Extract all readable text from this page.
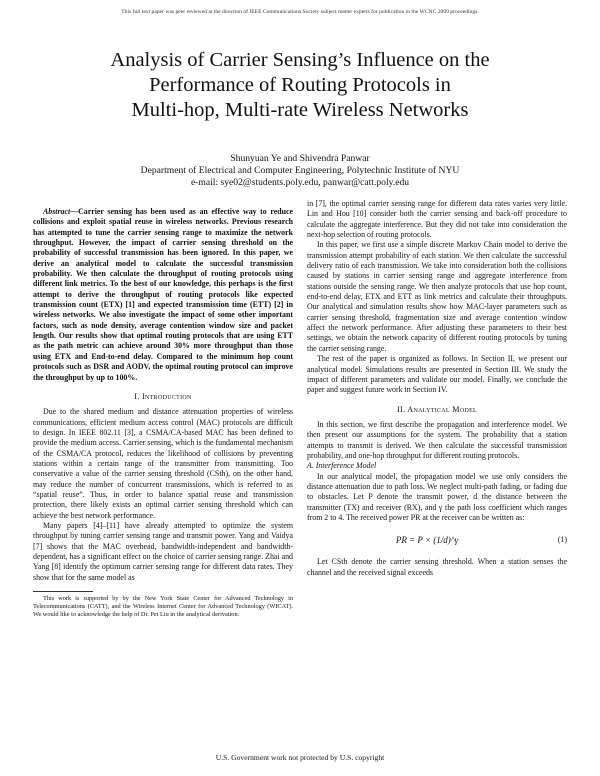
This full text paper was peer reviewed at the direction of IEEE Communications Society subject matter experts for publication in the WCNC 2009 proceedings.
Analysis of Carrier Sensing’s Influence on the
Performance of Routing Protocols in
Multi-hop, Multi-rate Wireless Networks
Shunyuan Ye and Shivendra Panwar
Department of Electrical and Computer Engineering, Polytechnic Institute of NYU
e-mail: sye02@students.poly.edu, panwar@catt.poly.edu

Abstract—Carrier sensing has been used as an effective way to reduce collisions and exploit spatial reuse in wireless networks. Previous research has attempted to tune the carrier sensing range to maximize the network throughput. However, the impact of carrier sensing threshold on the probability of successful transmission has been ignored. In this paper, we derive an analytical model to calculate the successful transmission probability. We then calculate the throughput of routing protocols using different link metrics. To the best of our knowledge, this perhaps is the first attempt to derive the throughput of routing protocols like expected transmission count (ETX) [1] and expected transmission time (ETT) [2] in wireless networks. We also investigate the impact of some other important factors, such as node density, average contention window size and packet length. Our results show that optimal routing protocols that are using ETT as the path metric can achieve around 30% more throughput than those using ETX and End-to-end delay. Compared to the minimum hop count protocols such as DSR and AODV, the optimal routing protocol can improve the throughput by up to 100%.

I. Introduction

Due to the shared medium and distance attenuation properties of wireless communications, efficient medium access control (MAC) protocols are difficult to design. In IEEE 802.11 [3], a CSMA/CA-based MAC has been defined to provide the medium access. Carrier sensing, which is the fundamental mechanism of the CSMA/CA protocol, reduces the likelihood of collisions by preventing stations within a certain range of the transmitter from transmitting. Too conservative a value of the carrier sensing threshold (CSth), on the other hand, may reduce the number of concurrent transmissions, which is referred to as “spatial reuse”. Thus, in order to balance spatial reuse and transmission protection, there likely exists an optimal carrier sensing threshold which can achieve the best network performance.

Many papers [4]–[11] have already attempted to optimize the system throughput by tuning carrier sensing range and transmit power. Yang and Vaidya [7] shows that the MAC overhead, bandwidth-independent and bandwidth-dependent, has a significant effect on the choice of carrier sensing range. Zhai and Yang [8] identify the optimum carrier sensing range for different data rates. They show that for the same model as

This work is supported by by the New York State Center for Advanced Technology in Telecommunications (CATT), and the Wireless Internet Center for Advanced Technology (WICAT). We would like to acknowledge the help of Dr. Pei Liu in the analytical derivation.

in [7], the optimal carrier sensing range for different data rates varies very little. Lin and Hou [10] consider both the carrier sensing and back-off procedure to calculate the aggregate interference. But they did not take into consideration the next-hop selection of routing protocols.

In this paper, we first use a simple discrete Markov Chain model to derive the transmission attempt probability of each station. We then calculate the successful delivery ratio of each transmission. We take into consideration both the collisions caused by stations in carrier sensing range and aggregate interference from stations outside the sensing range. We then analyze protocols that use hop count, end-to-end delay, ETX and ETT as link metrics and calculate their throughputs. Our analytical and simulation results show how MAC-layer parameters such as carrier sensing threshold, fragmentation size and average contention window affect the network performance. After adjusting these parameters to their best settings, we obtain the network capacity of different routing protocols by tuning the carrier sensing range.

The rest of the paper is organized as follows. In Section II, we present our analytical model. Simulations results are presented in Section III. We study the impact of different parameters and validate our model. Finally, we conclude the paper and suggest future work in Section IV.

II. Analytical Model

In this section, we first describe the propagation and interference model. We then present our assumptions for the system. The probability that a station attempts to transmit is derived. We then calculate the successful transmission probability, and one-hop throughput for different routing protocols.

A. Interference Model

In our analytical model, the propagation model we use only considers the distance attenuation due to path loss. We neglect multi-path fading, or fading due to obstacles. Let P denote the transmit power, d the distance between the transmitter (TX) and receiver (RX), and γ the path loss coefficient which ranges from 2 to 4. The received power PR at the receiver can be written as:

PR = P × (1/d)^γ	(1)

Let CSth denote the carrier sensing threshold. When a station senses the channel and the received signal exceeds

U.S. Government work not protected by U.S. copyright
